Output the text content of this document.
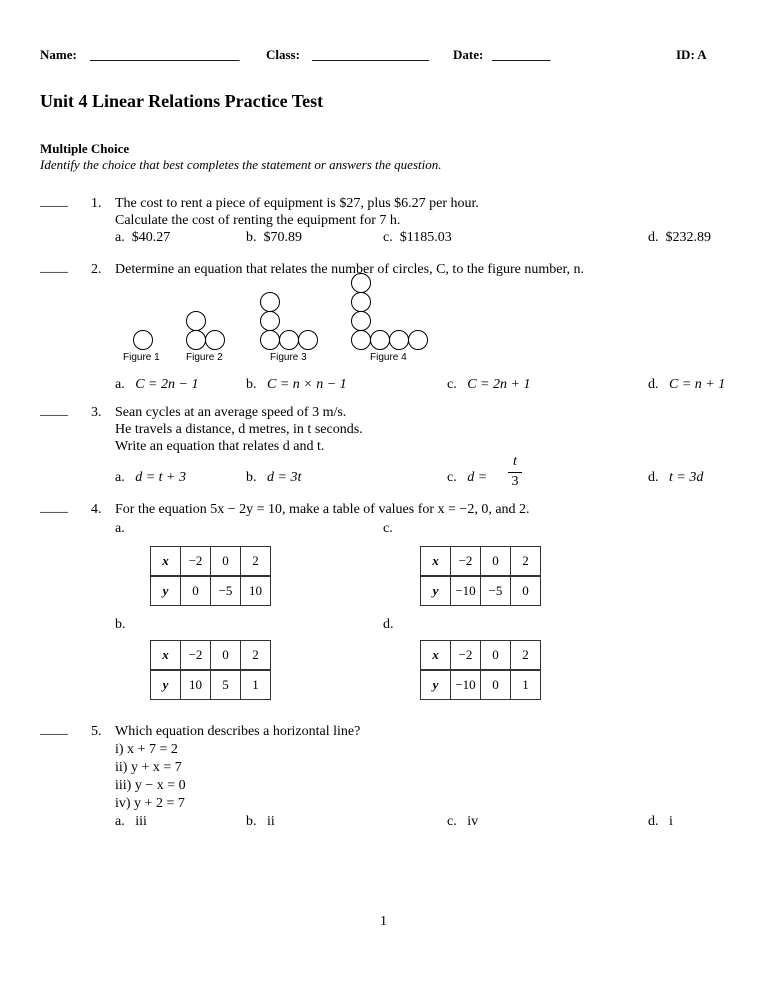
Name: _______________________ Class: __________________ Date: _________	ID: A
Unit 4 Linear Relations Practice Test
Multiple Choice
Identify the choice that best completes the statement or answers the question.
____ 1. The cost to rent a piece of equipment is $27, plus $6.27 per hour.
Calculate the cost of renting the equipment for 7 h.
a. $40.27	b. $70.89	c. $1185.03	d. $232.89
____ 2. Determine an equation that relates the number of circles, C, to the figure number, n.
Figure 1	Figure 2	Figure 3	Figure 4
a. C = 2n − 1	b. C = n × n − 1	c. C = 2n + 1	d. C = n + 1
____ 3. Sean cycles at an average speed of 3 m/s.
He travels a distance, d metres, in t seconds.
Write an equation that relates d and t.
a. d = t + 3	b. d = 3t	c. d =
t
3	d. t = 3d
____ 4. For the equation 5x − 2y = 10, make a table of values for x = −2, 0, and 2.
a.	c.
b.	d.
x	−2	0	2
y	0	−5	10
x	−2	0	2
y	−10	−5	0
x	−2	0	2
y	10	5	1
x	−2	0	2
y	−10	0	1
____ 5. Which equation describes a horizontal line?
i) x + 7 = 2
ii) y + x = 7
iii) y − x = 0
iv) y + 2 = 7
a. iii	b. ii	c. iv	d. i
1
